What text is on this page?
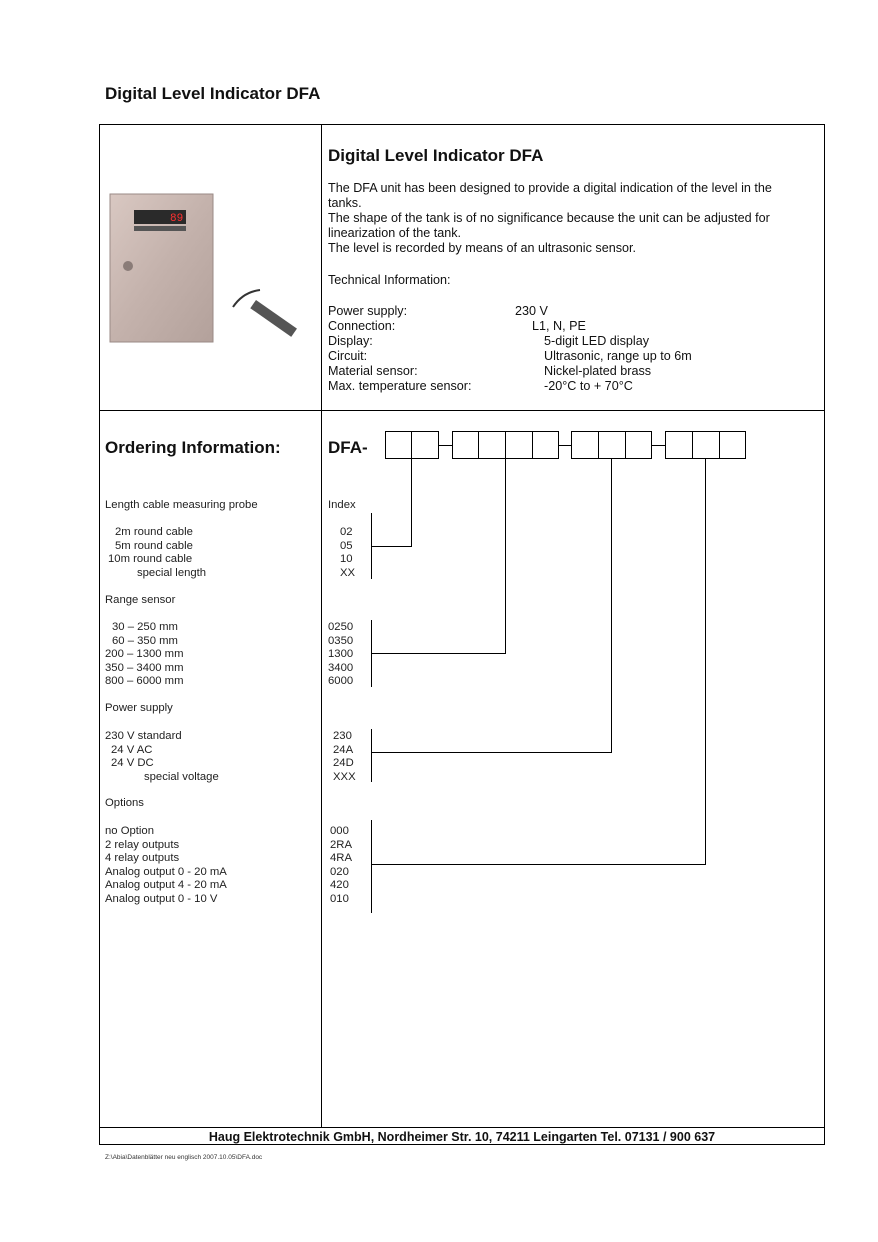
Digital Level Indicator DFA
89
Digital Level Indicator DFA
The DFA unit has been designed to provide a digital indication of the level in the tanks.
The shape of the tank is of no significance because the unit can be adjusted for linearization of the tank.
The level is recorded by means of an ultrasonic sensor.
Technical Information:
Power supply:
Connection:
Display:
Circuit:
Material sensor:
Max. temperature sensor:
230 V
L1, N, PE
5-digit LED display
Ultrasonic, range up to 6m
Nickel-plated brass
-20°C to + 70°C
Ordering Information:	DFA-
Index
Length cable measuring probe
2m round cable
5m round cable
10m round cable
special length
02
05
10
XX
Range sensor
30 – 250 mm
60 – 350 mm
200 – 1300 mm
350 – 3400 mm
800 – 6000 mm
0250
0350
1300
3400
6000
Power supply
230 V standard
24 V AC
24 V DC
special voltage
230
24A
24D
XXX
Options
no Option
2 relay outputs
4 relay outputs
Analog output 0 - 20 mA
Analog output 4 - 20 mA
Analog output 0 - 10 V
000
2RA
4RA
020
420
010
Haug Elektrotechnik GmbH, Nordheimer Str. 10, 74211 Leingarten Tel. 07131 / 900 637
Z:\Abia\Datenblätter neu englisch 2007.10.05\DFA.doc
